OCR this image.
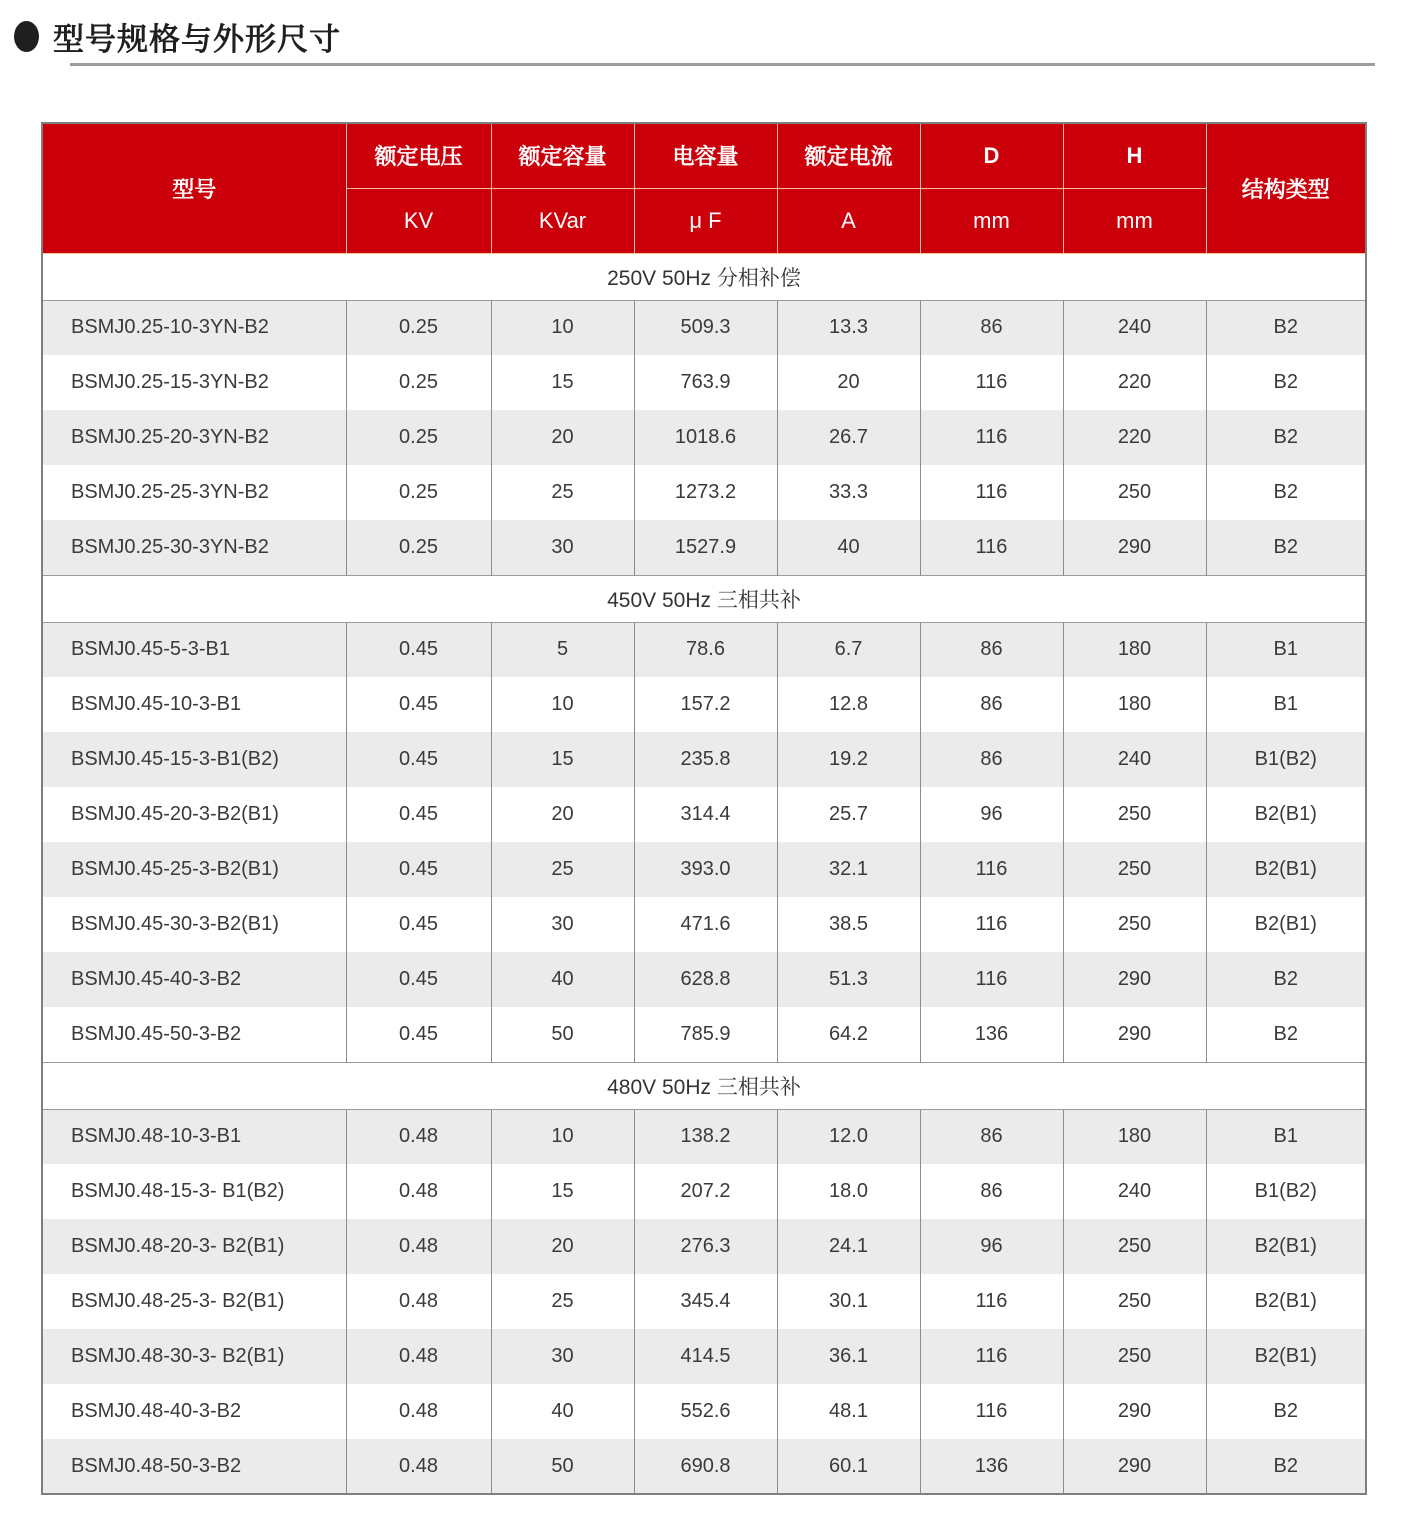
型号规格与外形尺寸
型号	额定电压	额定容量	电容量	额定电流	D	H	结构类型
	KV	KVar	μ F	A	mm	mm	
250V 50Hz 分相补偿							
BSMJ0.25-10-3YN-B2	0.25	10	509.3	13.3	86	240	B2
BSMJ0.25-15-3YN-B2	0.25	15	763.9	20	116	220	B2
BSMJ0.25-20-3YN-B2	0.25	20	1018.6	26.7	116	220	B2
BSMJ0.25-25-3YN-B2	0.25	25	1273.2	33.3	116	250	B2
BSMJ0.25-30-3YN-B2	0.25	30	1527.9	40	116	290	B2
450V 50Hz 三相共补							
BSMJ0.45-5-3-B1	0.45	5	78.6	6.7	86	180	B1
BSMJ0.45-10-3-B1	0.45	10	157.2	12.8	86	180	B1
BSMJ0.45-15-3-B1(B2)	0.45	15	235.8	19.2	86	240	B1(B2)
BSMJ0.45-20-3-B2(B1)	0.45	20	314.4	25.7	96	250	B2(B1)
BSMJ0.45-25-3-B2(B1)	0.45	25	393.0	32.1	116	250	B2(B1)
BSMJ0.45-30-3-B2(B1)	0.45	30	471.6	38.5	116	250	B2(B1)
BSMJ0.45-40-3-B2	0.45	40	628.8	51.3	116	290	B2
BSMJ0.45-50-3-B2	0.45	50	785.9	64.2	136	290	B2
480V 50Hz 三相共补							
BSMJ0.48-10-3-B1	0.48	10	138.2	12.0	86	180	B1
BSMJ0.48-15-3- B1(B2)	0.48	15	207.2	18.0	86	240	B1(B2)
BSMJ0.48-20-3- B2(B1)	0.48	20	276.3	24.1	96	250	B2(B1)
BSMJ0.48-25-3- B2(B1)	0.48	25	345.4	30.1	116	250	B2(B1)
BSMJ0.48-30-3- B2(B1)	0.48	30	414.5	36.1	116	250	B2(B1)
BSMJ0.48-40-3-B2	0.48	40	552.6	48.1	116	290	B2
BSMJ0.48-50-3-B2	0.48	50	690.8	60.1	136	290	B2
